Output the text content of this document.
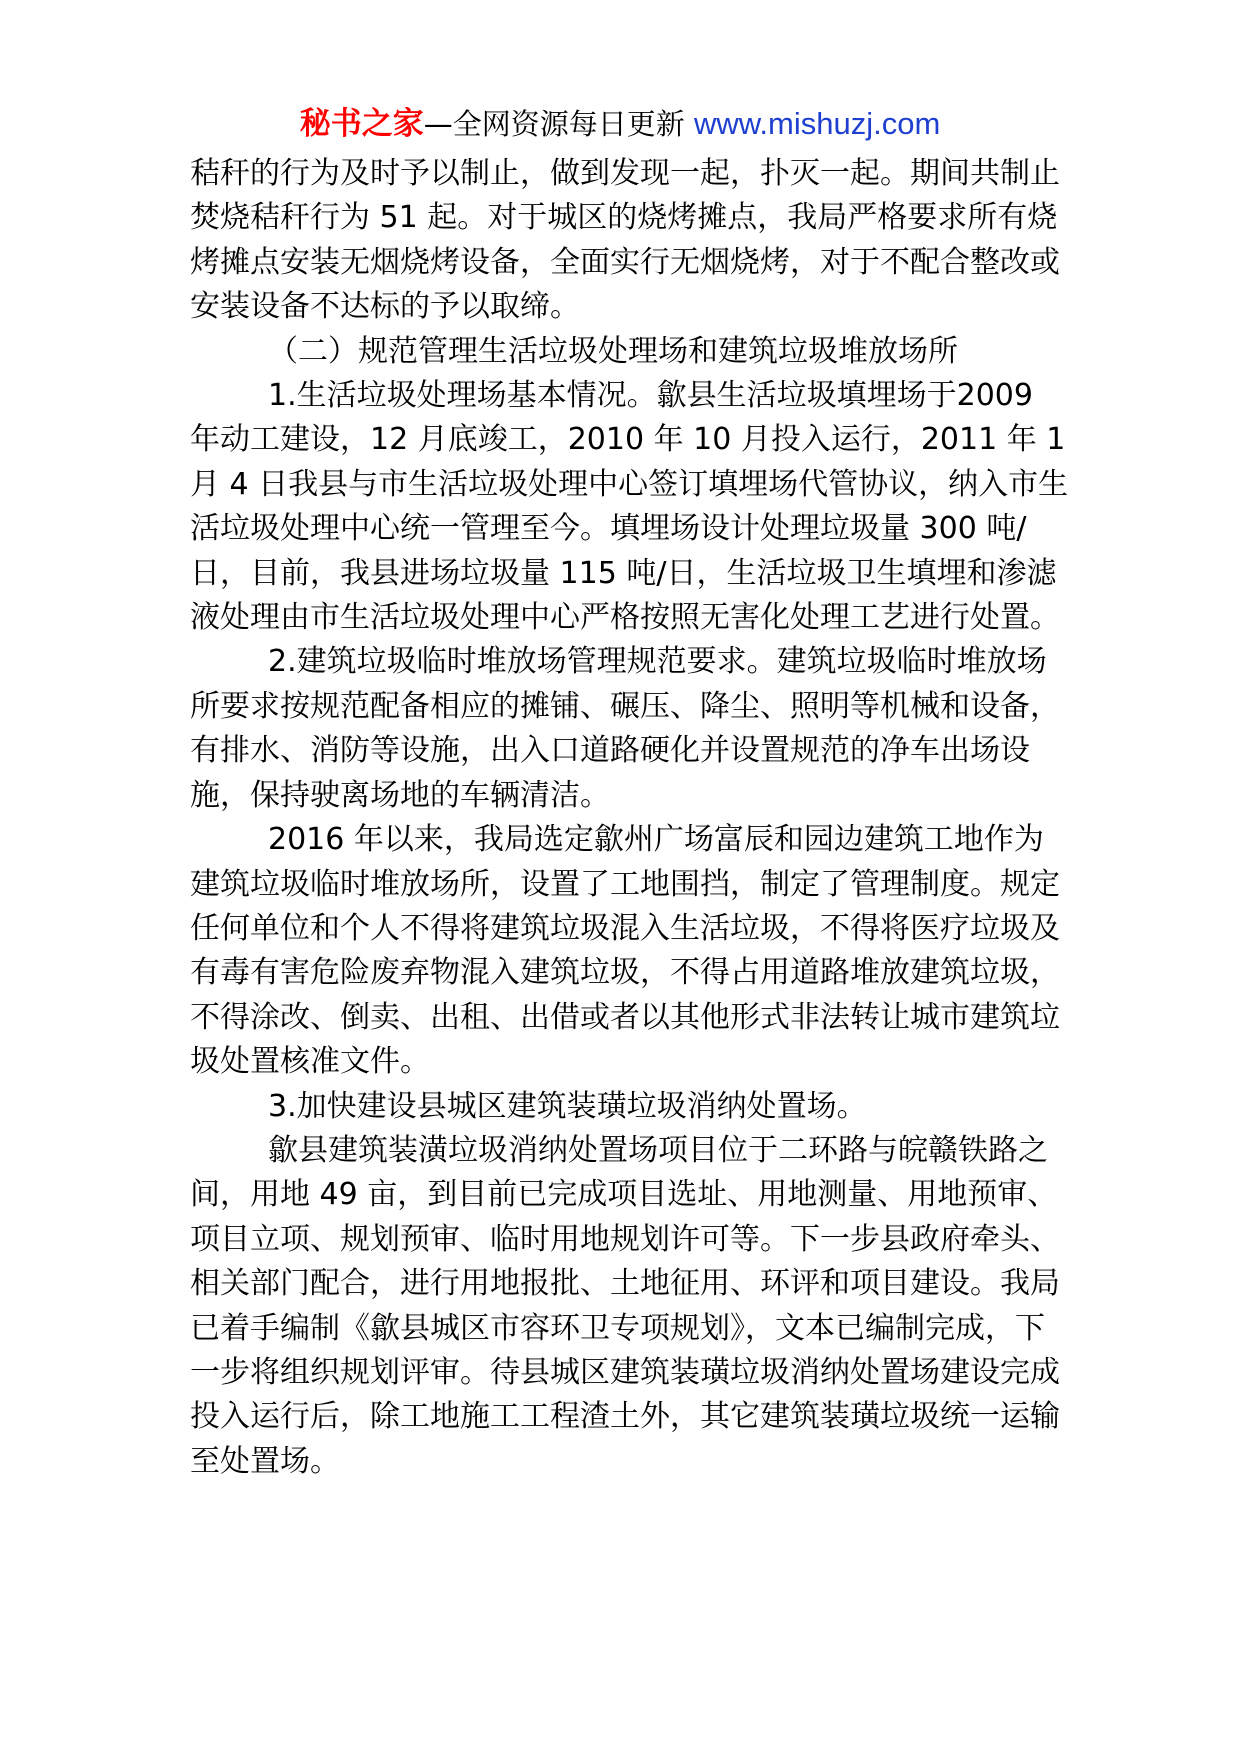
秘书之家—全网资源每日更新 www.mishuzj.com

秸秆的行为及时予以制止，做到发现一起，扑灭一起。期间共制止焚烧秸秆行为 51 起。对于城区的烧烤摊点，我局严格要求所有烧烤摊点安装无烟烧烤设备，全面实行无烟烧烤，对于不配合整改或安装设备不达标的予以取缔。

（二）规范管理生活垃圾处理场和建筑垃圾堆放场所

1.生活垃圾处理场基本情况。歙县生活垃圾填埋场于2009 年动工建设，12 月底竣工，2010 年 10 月投入运行，2011 年 1 月 4 日我县与市生活垃圾处理中心签订填埋场代管协议，纳入市生活垃圾处理中心统一管理至今。填埋场设计处理垃圾量 300 吨/日，目前，我县进场垃圾量 115 吨/日，生活垃圾卫生填埋和渗滤液处理由市生活垃圾处理中心严格按照无害化处理工艺进行处置。

2.建筑垃圾临时堆放场管理规范要求。建筑垃圾临时堆放场所要求按规范配备相应的摊铺、碾压、降尘、照明等机械和设备，有排水、消防等设施，出入口道路硬化并设置规范的净车出场设施，保持驶离场地的车辆清洁。

2016 年以来，我局选定歙州广场富辰和园边建筑工地作为建筑垃圾临时堆放场所，设置了工地围挡，制定了管理制度。规定任何单位和个人不得将建筑垃圾混入生活垃圾，不得将医疗垃圾及有毒有害危险废弃物混入建筑垃圾，不得占用道路堆放建筑垃圾，不得涂改、倒卖、出租、出借或者以其他形式非法转让城市建筑垃圾处置核准文件。

3.加快建设县城区建筑装璜垃圾消纳处置场。

歙县建筑装潢垃圾消纳处置场项目位于二环路与皖赣铁路之间，用地 49 亩，到目前已完成项目选址、用地测量、用地预审、项目立项、规划预审、临时用地规划许可等。下一步县政府牵头、相关部门配合，进行用地报批、土地征用、环评和项目建设。我局已着手编制《歙县城区市容环卫专项规划》，文本已编制完成，下一步将组织规划评审。待县城区建筑装璜垃圾消纳处置场建设完成投入运行后，除工地施工工程渣土外，其它建筑装璜垃圾统一运输至处置场。
